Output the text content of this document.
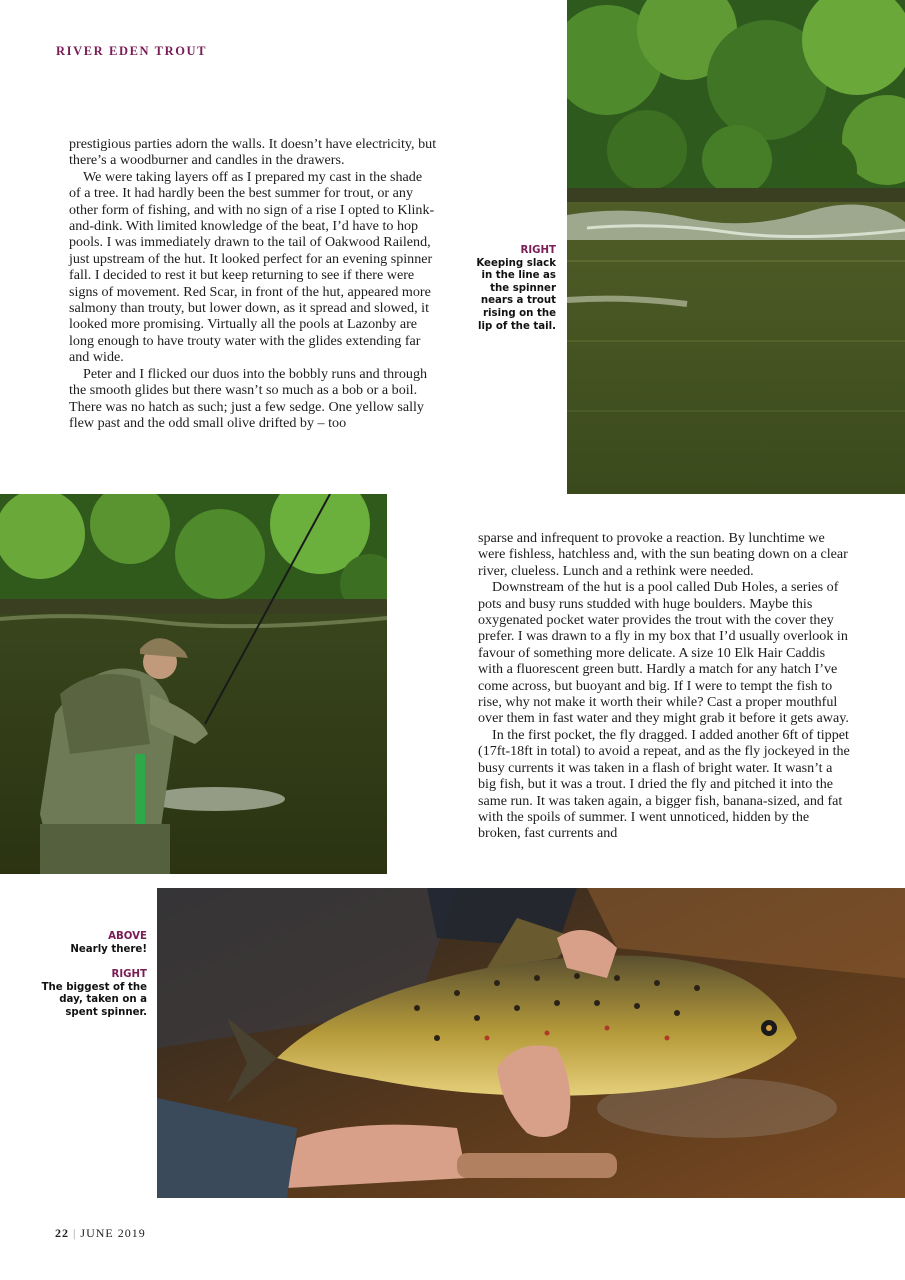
RIVER EDEN TROUT

prestigious parties adorn the walls. It doesn’t have electricity, but there’s a woodburner and candles in the drawers.

We were taking layers off as I prepared my cast in the shade of a tree. It had hardly been the best summer for trout, or any other form of fishing, and with no sign of a rise I opted to Klink-and-dink. With limited knowledge of the beat, I’d have to hop pools. I was immediately drawn to the tail of Oakwood Railend, just upstream of the hut. It looked perfect for an evening spinner fall. I decided to rest it but keep returning to see if there were signs of movement. Red Scar, in front of the hut, appeared more salmony than trouty, but lower down, as it spread and slowed, it looked more promising. Virtually all the pools at Lazonby are long enough to have trouty water with the glides extending far and wide.

Peter and I flicked our duos into the bobbly runs and through the smooth glides but there wasn’t so much as a bob or a boil. There was no hatch as such; just a few sedge. One yellow sally flew past and the odd small olive drifted by – too

RIGHT
Keeping slack in the line as the spinner nears a trout rising on the lip of the tail.

sparse and infrequent to provoke a reaction. By lunchtime we were fishless, hatchless and, with the sun beating down on a clear river, clueless. Lunch and a rethink were needed.

Downstream of the hut is a pool called Dub Holes, a series of pots and busy runs studded with huge boulders. Maybe this oxygenated pocket water provides the trout with the cover they prefer. I was drawn to a fly in my box that I’d usually overlook in favour of something more delicate. A size 10 Elk Hair Caddis with a fluorescent green butt. Hardly a match for any hatch I’ve come across, but buoyant and big. If I were to tempt the fish to rise, why not make it worth their while? Cast a proper mouthful over them in fast water and they might grab it before it gets away.

In the first pocket, the fly dragged. I added another 6ft of tippet (17ft-18ft in total) to avoid a repeat, and as the fly jockeyed in the busy currents it was taken in a flash of bright water. It wasn’t a big fish, but it was a trout. I dried the fly and pitched it into the same run. It was taken again, a bigger fish, banana-sized, and fat with the spoils of summer. I went unnoticed, hidden by the broken, fast currents and

ABOVE
Nearly there!
RIGHT
The biggest of the day, taken on a spent spinner.
22 | JUNE 2019
